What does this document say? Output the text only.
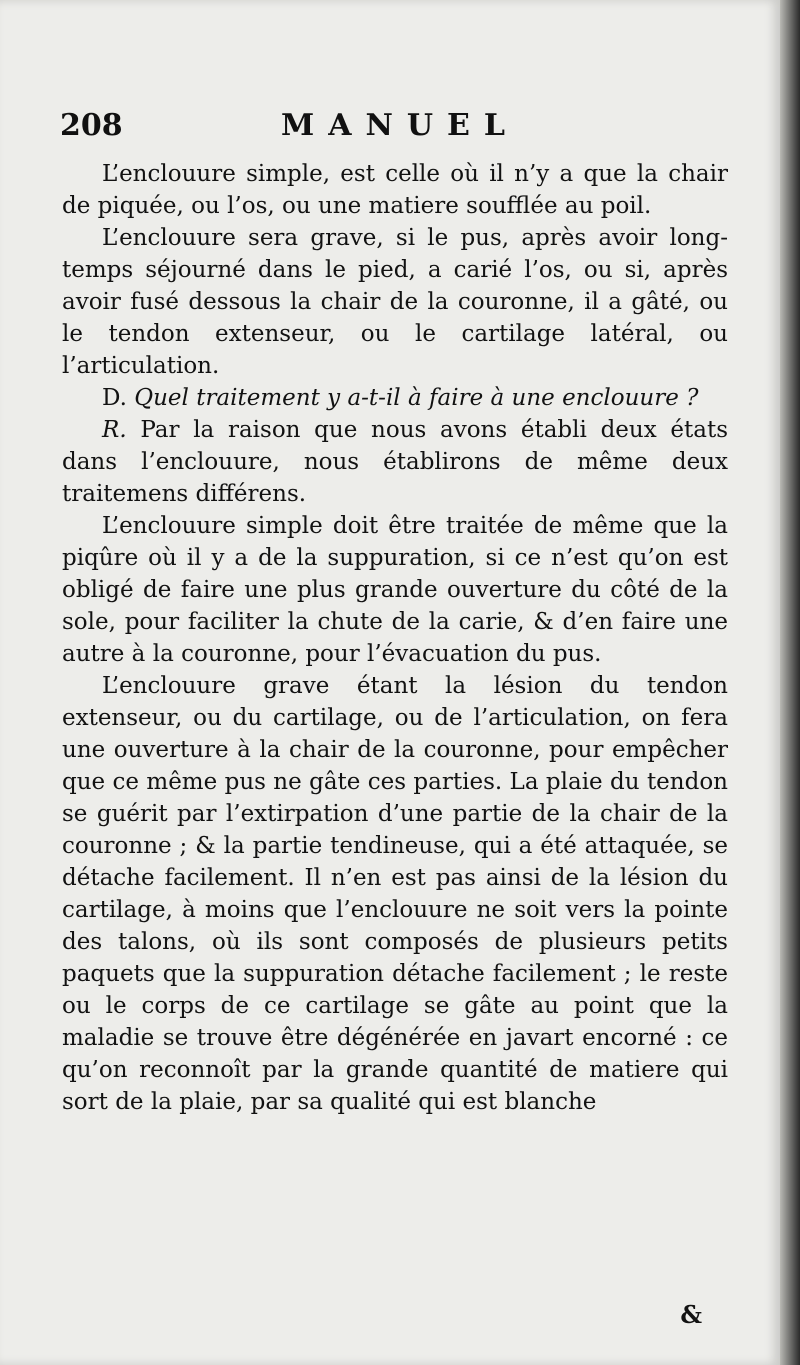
208	MANUEL

L’enclouure simple, est celle où il n’y a que la chair de piquée, ou l’os, ou une matiere soufflée au poil.

L’enclouure sera grave, si le pus, après avoir long-temps séjourné dans le pied, a carié l’os, ou si, après avoir fusé dessous la chair de la couronne, il a gâté, ou le tendon extenseur, ou le cartilage latéral, ou l’articulation.

D. Quel traitement y a-t-il à faire à une enclouure ?

R. Par la raison que nous avons établi deux états dans l’enclouure, nous établirons de même deux traitemens différens.

L’enclouure simple doit être traitée de même que la piqûre où il y a de la suppuration, si ce n’est qu’on est obligé de faire une plus grande ouverture du côté de la sole, pour faciliter la chute de la carie, & d’en faire une autre à la couronne, pour l’évacuation du pus.

L’enclouure grave étant la lésion du tendon extenseur, ou du cartilage, ou de l’articulation, on fera une ouverture à la chair de la couronne, pour empêcher que ce même pus ne gâte ces parties. La plaie du tendon se guérit par l’extirpation d’une partie de la chair de la couronne ; & la partie tendineuse, qui a été attaquée, se détache facilement. Il n’en est pas ainsi de la lésion du cartilage, à moins que l’enclouure ne soit vers la pointe des talons, où ils sont composés de plusieurs petits paquets que la suppuration détache facilement ; le reste ou le corps de ce cartilage se gâte au point que la maladie se trouve être dégénérée en javart encorné : ce qu’on reconnoît par la grande quantité de matiere qui sort de la plaie, par sa qualité qui est blanche

&
